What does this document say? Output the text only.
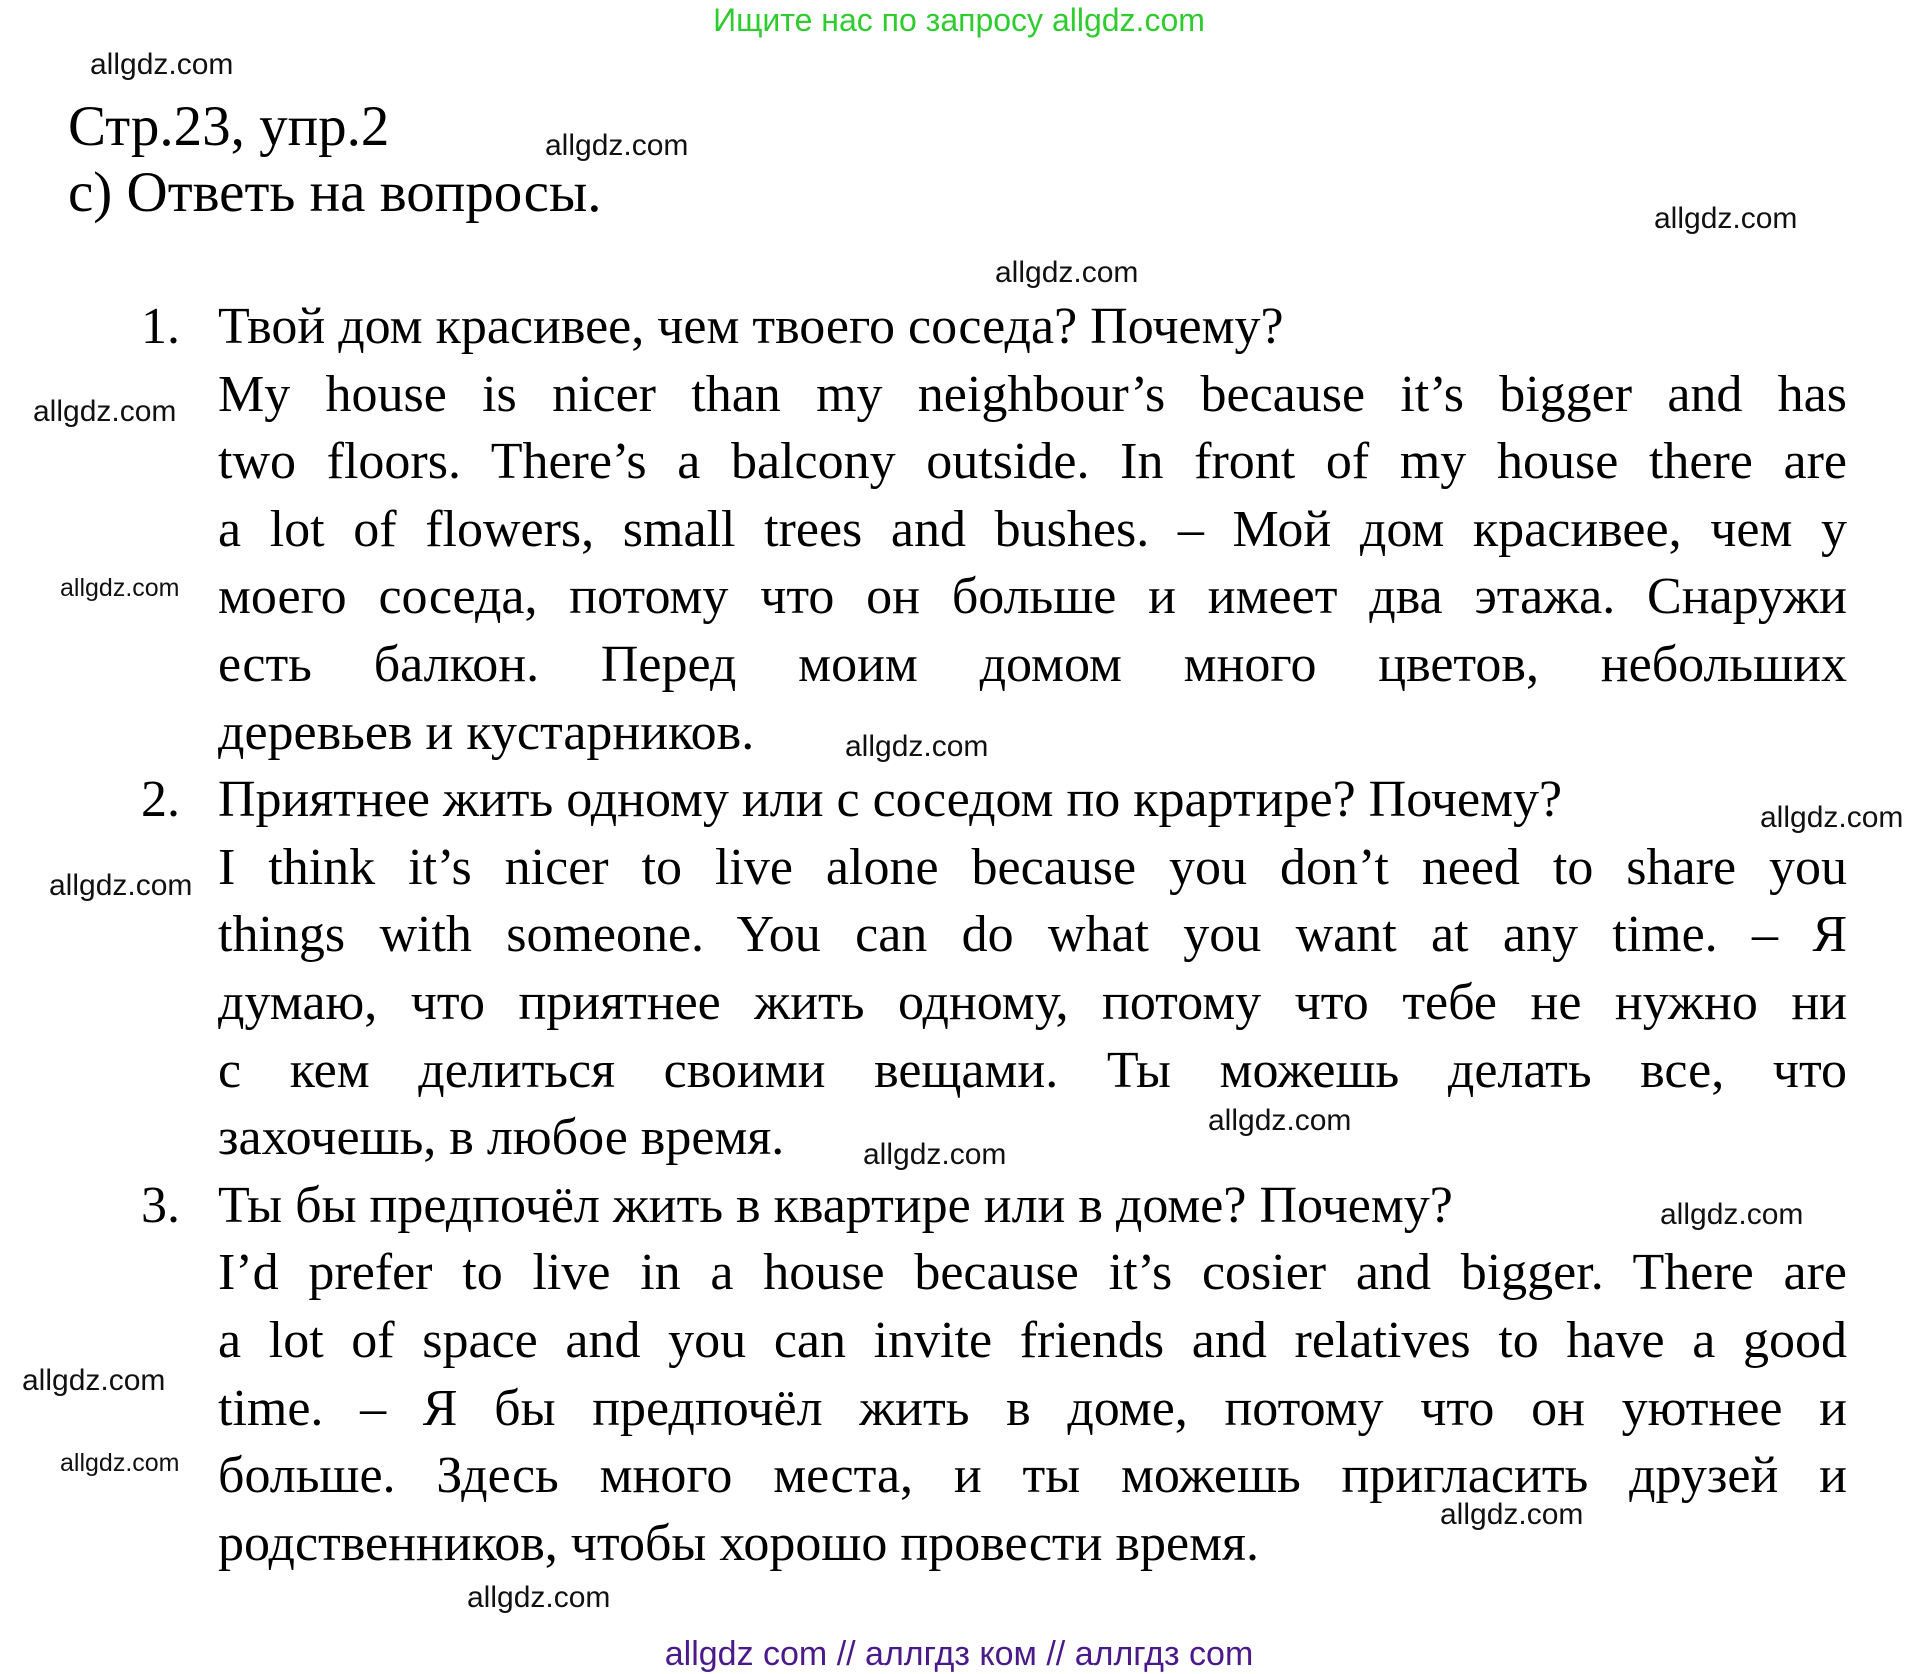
Ищите нас по запросу allgdz.com
Стр.23, упр.2
c) Ответь на вопросы.
1. Твой дом красивее, чем твоего соседа? Почему?
My house is nicer than my neighbour’s because it’s bigger and has
two floors. There’s a balcony outside. In front of my house there are
a lot of flowers, small trees and bushes. – Мой дом красивее, чем у
моего соседа, потому что он больше и имеет два этажа. Снаружи
есть балкон. Перед моим домом много цветов, небольших
деревьев и кустарников.
2. Приятнее жить одному или с соседом по крартире? Почему?
I think it’s nicer to live alone because you don’t need to share you
things with someone. You can do what you want at any time. – Я
думаю, что приятнее жить одному, потому что тебе не нужно ни
с кем делиться своими вещами. Ты можешь делать все, что
захочешь, в любое время.
3. Ты бы предпочёл жить в квартире или в доме? Почему?
I’d prefer to live in a house because it’s cosier and bigger. There are
a lot of space and you can invite friends and relatives to have a good
time. – Я бы предпочёл жить в доме, потому что он уютнее и
больше. Здесь много места, и ты можешь пригласить друзей и
родственников, чтобы хорошо провести время.
allgdz.com
allgdz.com
allgdz.com
allgdz.com
allgdz.com
allgdz.com
allgdz.com
allgdz.com
allgdz.com
allgdz.com
allgdz.com
allgdz.com
allgdz.com
allgdz.com
allgdz.com
allgdz.com
allgdz com // аллгдз ком // аллгдз com
